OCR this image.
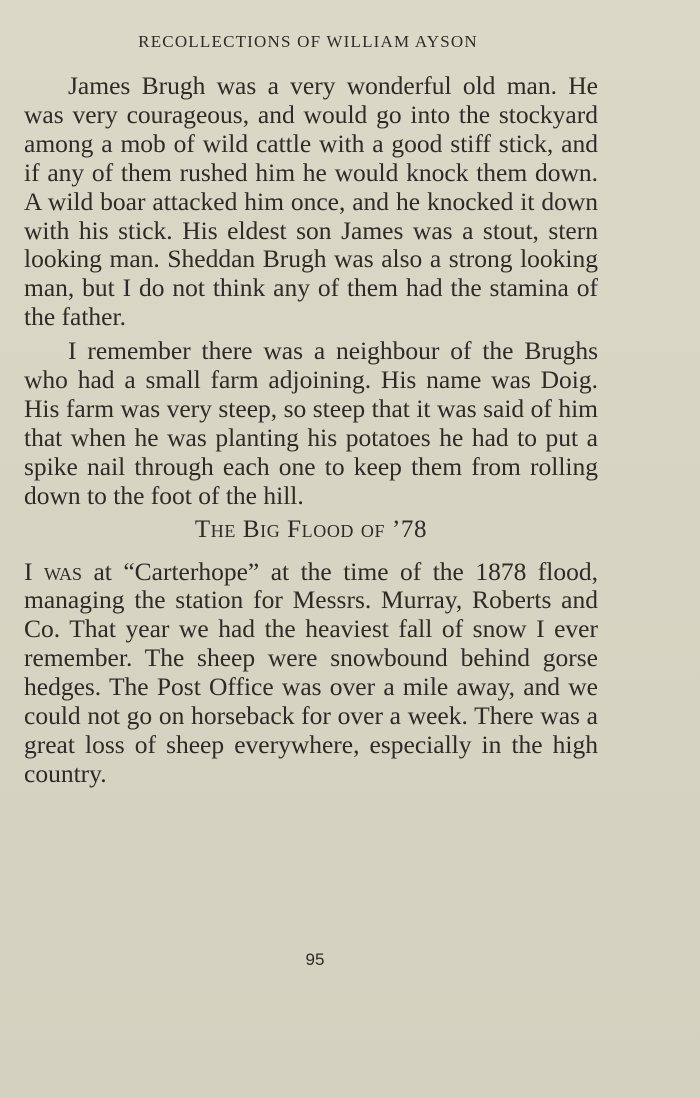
RECOLLECTIONS OF WILLIAM AYSON

James Brugh was a very wonderful old man. He was very courageous, and would go into the stockyard among a mob of wild cattle with a good stiff stick, and if any of them rushed him he would knock them down. A wild boar attacked him once, and he knocked it down with his stick. His eldest son James was a stout, stern looking man. Sheddan Brugh was also a strong looking man, but I do not think any of them had the stamina of the father.

I remember there was a neighbour of the Brughs who had a small farm adjoining. His name was Doig. His farm was very steep, so steep that it was said of him that when he was planting his potatoes he had to put a spike nail through each one to keep them from rolling down to the foot of the hill.

The Big Flood of ’78

I was at “Carterhope” at the time of the 1878 flood, managing the station for Messrs. Murray, Roberts and Co. That year we had the heaviest fall of snow I ever remember. The sheep were snowbound behind gorse hedges. The Post Office was over a mile away, and we could not go on horseback for over a week. There was a great loss of sheep everywhere, especially in the high country.

95
